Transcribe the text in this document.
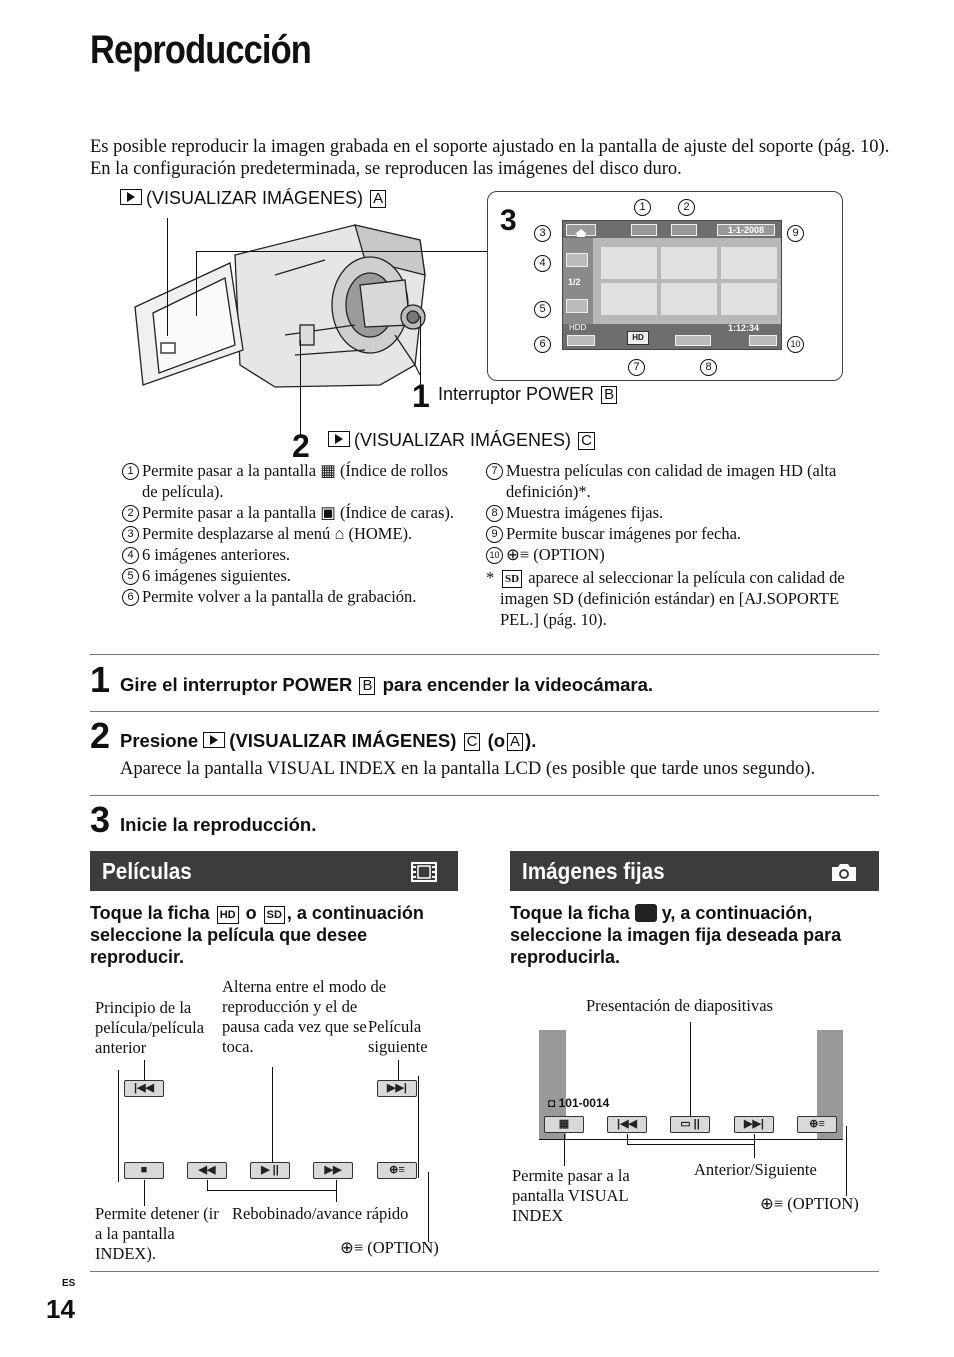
Reproducción
Es posible reproducir la imagen grabada en el soporte ajustado en la pantalla de ajuste del soporte (pág. 10). En la configuración predeterminada, se reproducen las imágenes del disco duro.
(VISUALIZAR IMÁGENES) A
1 Interruptor POWER B
2	(VISUALIZAR IMÁGENES) C
3	1-1-2008
1/2
HDD	1:12:34
HD
1	2
3
4
5
6
7	8
9
10
1 Permite pasar a la pantalla ▦ (Índice de rollos de película).
2 Permite pasar a la pantalla ▣ (Índice de caras).
3 Permite desplazarse al menú ⌂ (HOME).
4 6 imágenes anteriores.
5 6 imágenes siguientes.
6 Permite volver a la pantalla de grabación.
7 Muestra películas con calidad de imagen HD (alta definición)*.
8 Muestra imágenes fijas.
9 Permite buscar imágenes por fecha.
10 ⊕≡ (OPTION)
* SD aparece al seleccionar la película con calidad de imagen SD (definición estándar) en [AJ.SOPORTE PEL.] (pág. 10).
1 Gire el interruptor POWER B para encender la videocámara.
2 Presione (VISUALIZAR IMÁGENES) C (o A ).
Aparece la pantalla VISUAL INDEX en la pantalla LCD (es posible que tarde unos segundo).
3 Inicie la reproducción.
Películas	Imágenes fijas
Toque la ficha HD o SD , a continuación seleccione la película que desee reproducir.
Toque la ficha y, a continuación, seleccione la imagen fija deseada para reproducirla.
Principio de la película/película anterior
Alterna entre el modo de reproducción y el de pausa cada vez que se toca.
Película siguiente
|◀◀	▶▶|
■	◀◀	▶ ||	▶▶	⊕≡
Permite detener (ir a la pantalla INDEX).
Rebobinado/avance rápido
⊕≡ (OPTION)
Presentación de diapositivas
◘ 101-0014
▦	|◀◀	▭ ||	▶▶|	⊕≡
Permite pasar a la pantalla VISUAL INDEX
Anterior/Siguiente
⊕≡ (OPTION)
ES
14
